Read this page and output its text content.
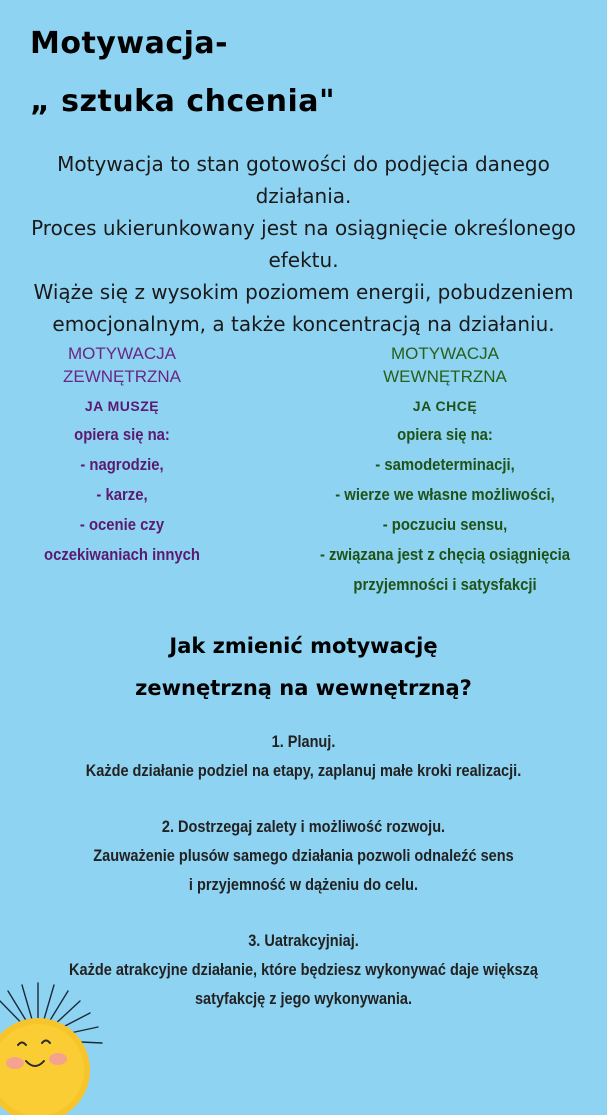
Motywacja-
„ sztuka chcenia"

Motywacja to stan gotowości do podjęcia danego działania.

Proces ukierunkowany jest na osiągnięcie określonego

efektu.

Wiąże się z wysokim poziomem energii, pobudzeniem

emocjonalnym, a także koncentracją na działaniu.

MOTYWACJA
ZEWNĘTRZNA
JA MUSZĘ

opiera się na:

- nagrodzie,

- karze,

- ocenie czy

oczekiwaniach innych

MOTYWACJA
WEWNĘTRZNA
JA CHCĘ

opiera się na:

- samodeterminacji,

- wierze we własne możliwości,

- poczuciu sensu,

- związana jest z chęcią osiągnięcia

przyjemności i satysfakcji

Jak zmienić motywację
zewnętrzną na wewnętrzną?

1. Planuj.

Każde działanie podziel na etapy, zaplanuj małe kroki realizacji.

2. Dostrzegaj zalety i możliwość rozwoju.

Zauważenie plusów samego działania pozwoli odnaleźć sens

i przyjemność w dążeniu do celu.

3. Uatrakcyjniaj.

Każde atrakcyjne działanie, które będziesz wykonywać daje większą

satyfakcję z jego wykonywania.
